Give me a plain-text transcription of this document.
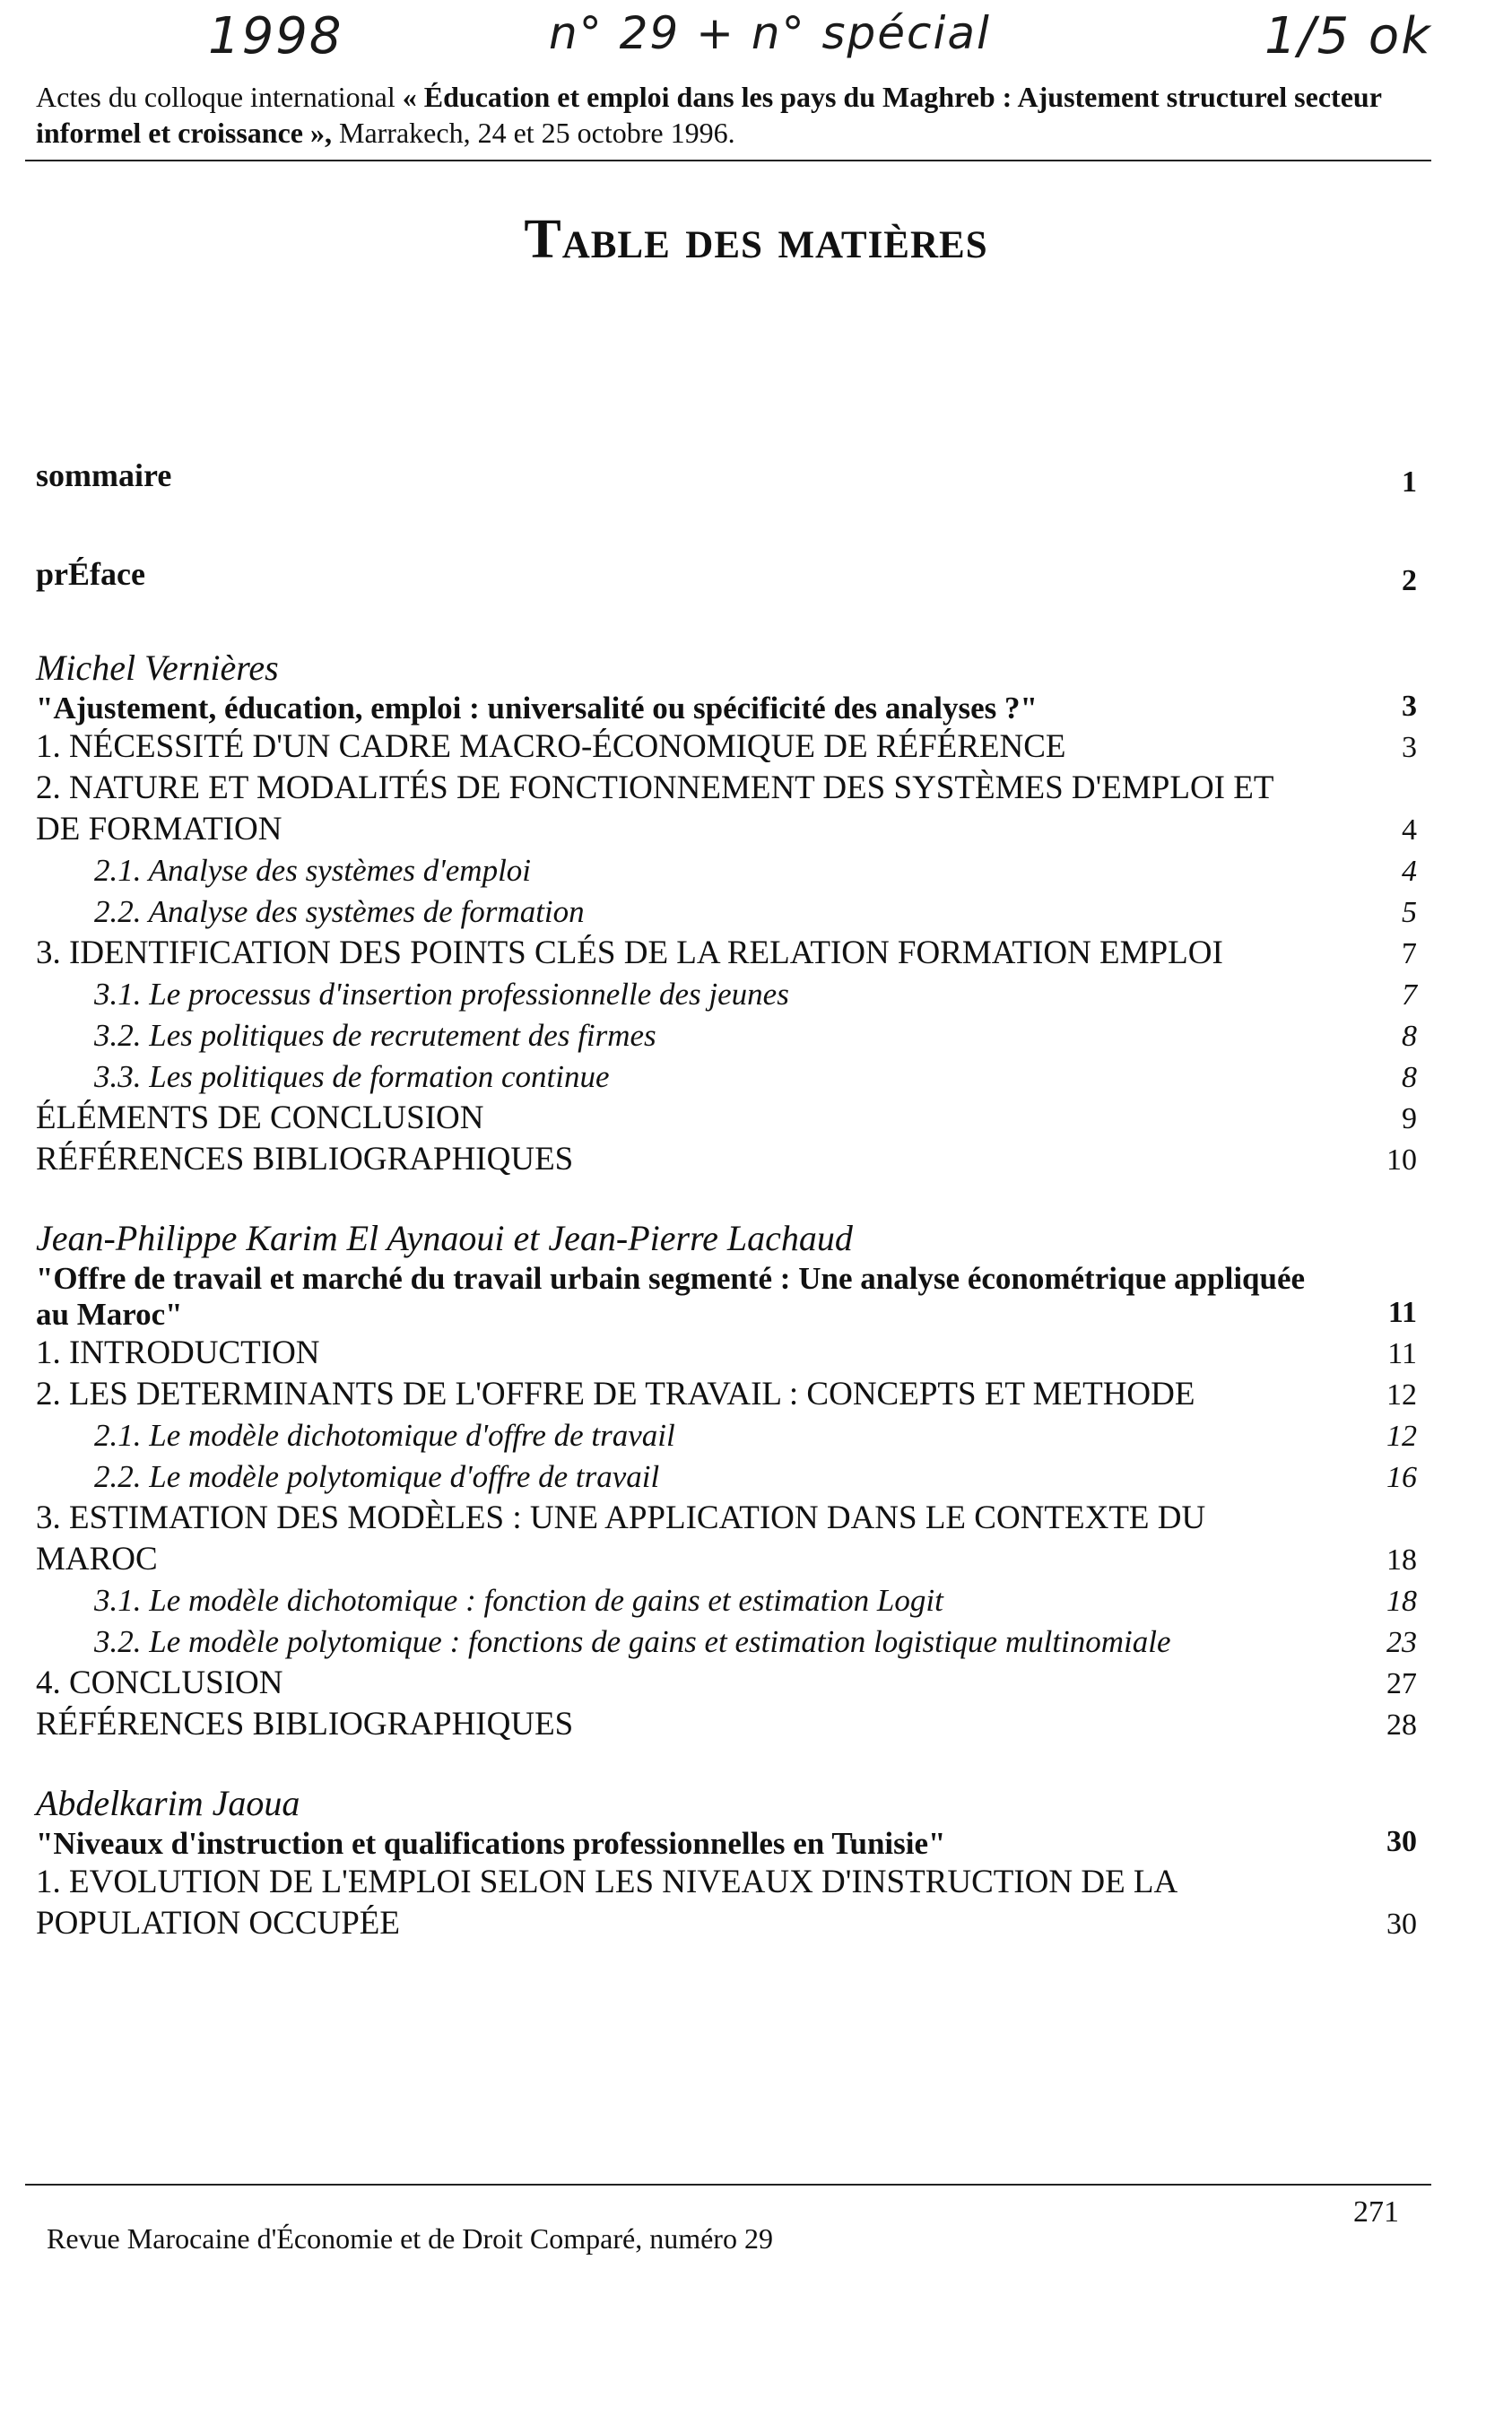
1998	n° 29 + n° spécial	1/5 ok
Actes du colloque international « Éducation et emploi dans les pays du Maghreb : Ajustement structurel secteur informel et croissance », Marrakech, 24 et 25 octobre 1996.
Table des matières
sommaire	1
prÉface	2
Michel Vernières
"Ajustement, éducation, emploi : universalité ou spécificité des analyses ?"	3
1. NÉCESSITÉ D'UN CADRE MACRO-ÉCONOMIQUE DE RÉFÉRENCE	3
2. NATURE ET MODALITÉS DE FONCTIONNEMENT DES SYSTÈMES D'EMPLOI ET DE FORMATION	4
2.1. Analyse des systèmes d'emploi	4
2.2. Analyse des systèmes de formation	5
3. IDENTIFICATION DES POINTS CLÉS DE LA RELATION FORMATION EMPLOI	7
3.1. Le processus d'insertion professionnelle des jeunes	7
3.2. Les politiques de recrutement des firmes	8
3.3. Les politiques de formation continue	8
ÉLÉMENTS DE CONCLUSION	9
RÉFÉRENCES BIBLIOGRAPHIQUES	10
Jean-Philippe Karim El Aynaoui et Jean-Pierre Lachaud
"Offre de travail et marché du travail urbain segmenté : Une analyse économétrique appliquée au Maroc"	11
1. INTRODUCTION	11
2. LES DETERMINANTS DE L'OFFRE DE TRAVAIL : CONCEPTS ET METHODE	12
2.1. Le modèle dichotomique d'offre de travail	12
2.2. Le modèle polytomique d'offre de travail	16
3. ESTIMATION DES MODÈLES : UNE APPLICATION DANS LE CONTEXTE DU MAROC	18
3.1. Le modèle dichotomique : fonction de gains et estimation Logit	18
3.2. Le modèle polytomique : fonctions de gains et estimation logistique multinomiale	23
4. CONCLUSION	27
RÉFÉRENCES BIBLIOGRAPHIQUES	28
Abdelkarim Jaoua
"Niveaux d'instruction et qualifications professionnelles en Tunisie"	30
1. EVOLUTION DE L'EMPLOI SELON LES NIVEAUX D'INSTRUCTION DE LA POPULATION OCCUPÉE	30
271
Revue Marocaine d'Économie et de Droit Comparé, numéro 29
